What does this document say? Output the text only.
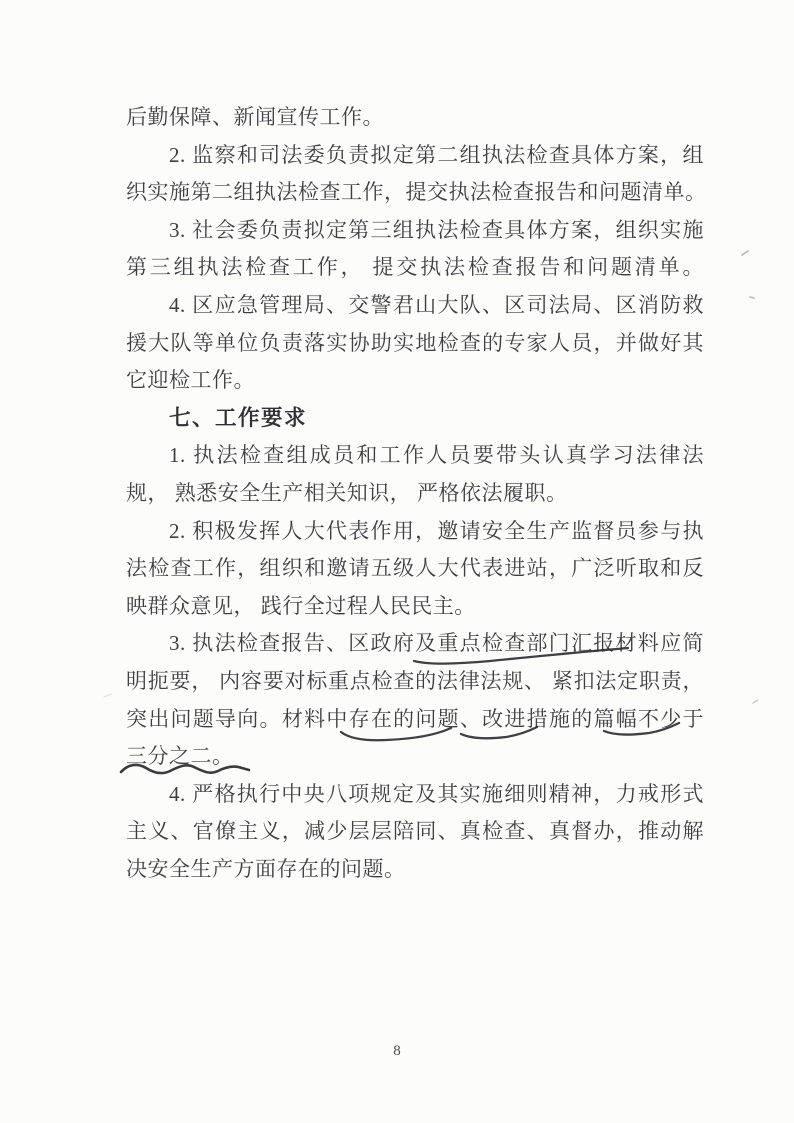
后勤保障、新闻宣传工作。
2. 监察和司法委负责拟定第二组执法检查具体方案，组
织实施第二组执法检查工作，提交执法检查报告和问题清单。
3. 社会委负责拟定第三组执法检查具体方案，组织实施
第三组执法检查工作， 提交执法检查报告和问题清单。
4. 区应急管理局、交警君山大队、区司法局、区消防救
援大队等单位负责落实协助实地检查的专家人员，并做好其
它迎检工作。
七、工作要求
1. 执法检查组成员和工作人员要带头认真学习法律法
规， 熟悉安全生产相关知识， 严格依法履职。
2. 积极发挥人大代表作用，邀请安全生产监督员参与执
法检查工作，组织和邀请五级人大代表进站，广泛听取和反
映群众意见， 践行全过程人民民主。
3. 执法检查报告、区政府及重点检查部门汇报材料应简
明扼要， 内容要对标重点检查的法律法规、 紧扣法定职责，
突出问题导向。材料中存在的问题、改进措施的篇幅不少于
三分之二。
4. 严格执行中央八项规定及其实施细则精神，力戒形式
主义、官僚主义，减少层层陪同、真检查、真督办，推动解
决安全生产方面存在的问题。
8
